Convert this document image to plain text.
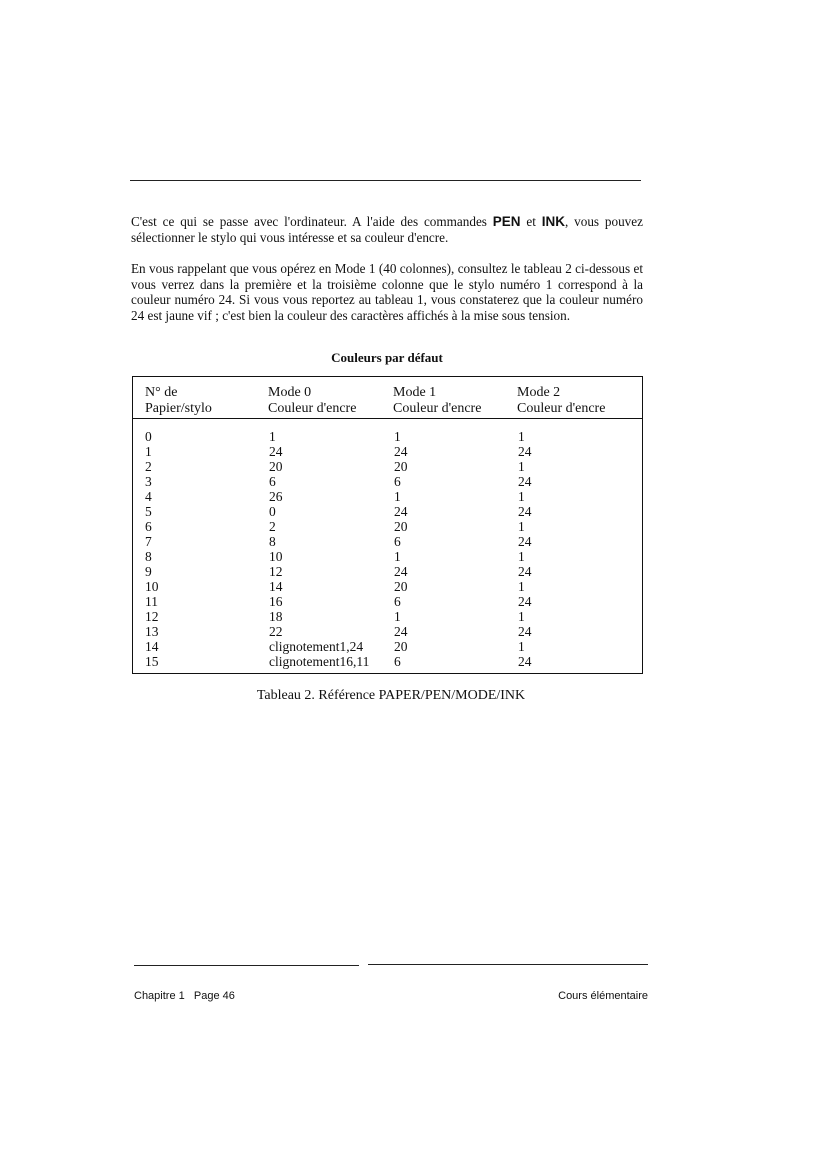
C'est ce qui se passe avec l'ordinateur. A l'aide des commandes PEN et INK, vous pouvez sélectionner le stylo qui vous intéresse et sa couleur d'encre.

En vous rappelant que vous opérez en Mode 1 (40 colonnes), consultez le tableau 2 ci-dessous et vous verrez dans la première et la troisième colonne que le stylo numéro 1 correspond à la couleur numéro 24. Si vous vous reportez au tableau 1, vous constaterez que la couleur numéro 24 est jaune vif ; c'est bien la couleur des caractères affichés à la mise sous tension.

Couleurs par défaut
N° de
Papier/stylo
Mode 0
Couleur d'encre
Mode 1
Couleur d'encre
Mode 2
Couleur d'encre
0
1
2
3
4
5
6
7
8
9
10
11
12
13
14
15
1
24
20
6
26
0
2
8
10
12
14
16
18
22
clignotement1,24
clignotement16,11
1
24
20
6
1
24
20
6
1
24
20
6
1
24
20
6
1
24
1
24
1
24
1
24
1
24
1
24
1
24
1
24
Tableau 2. Référence PAPER/PEN/MODE/INK
Chapitre 1   Page 46	Cours élémentaire
